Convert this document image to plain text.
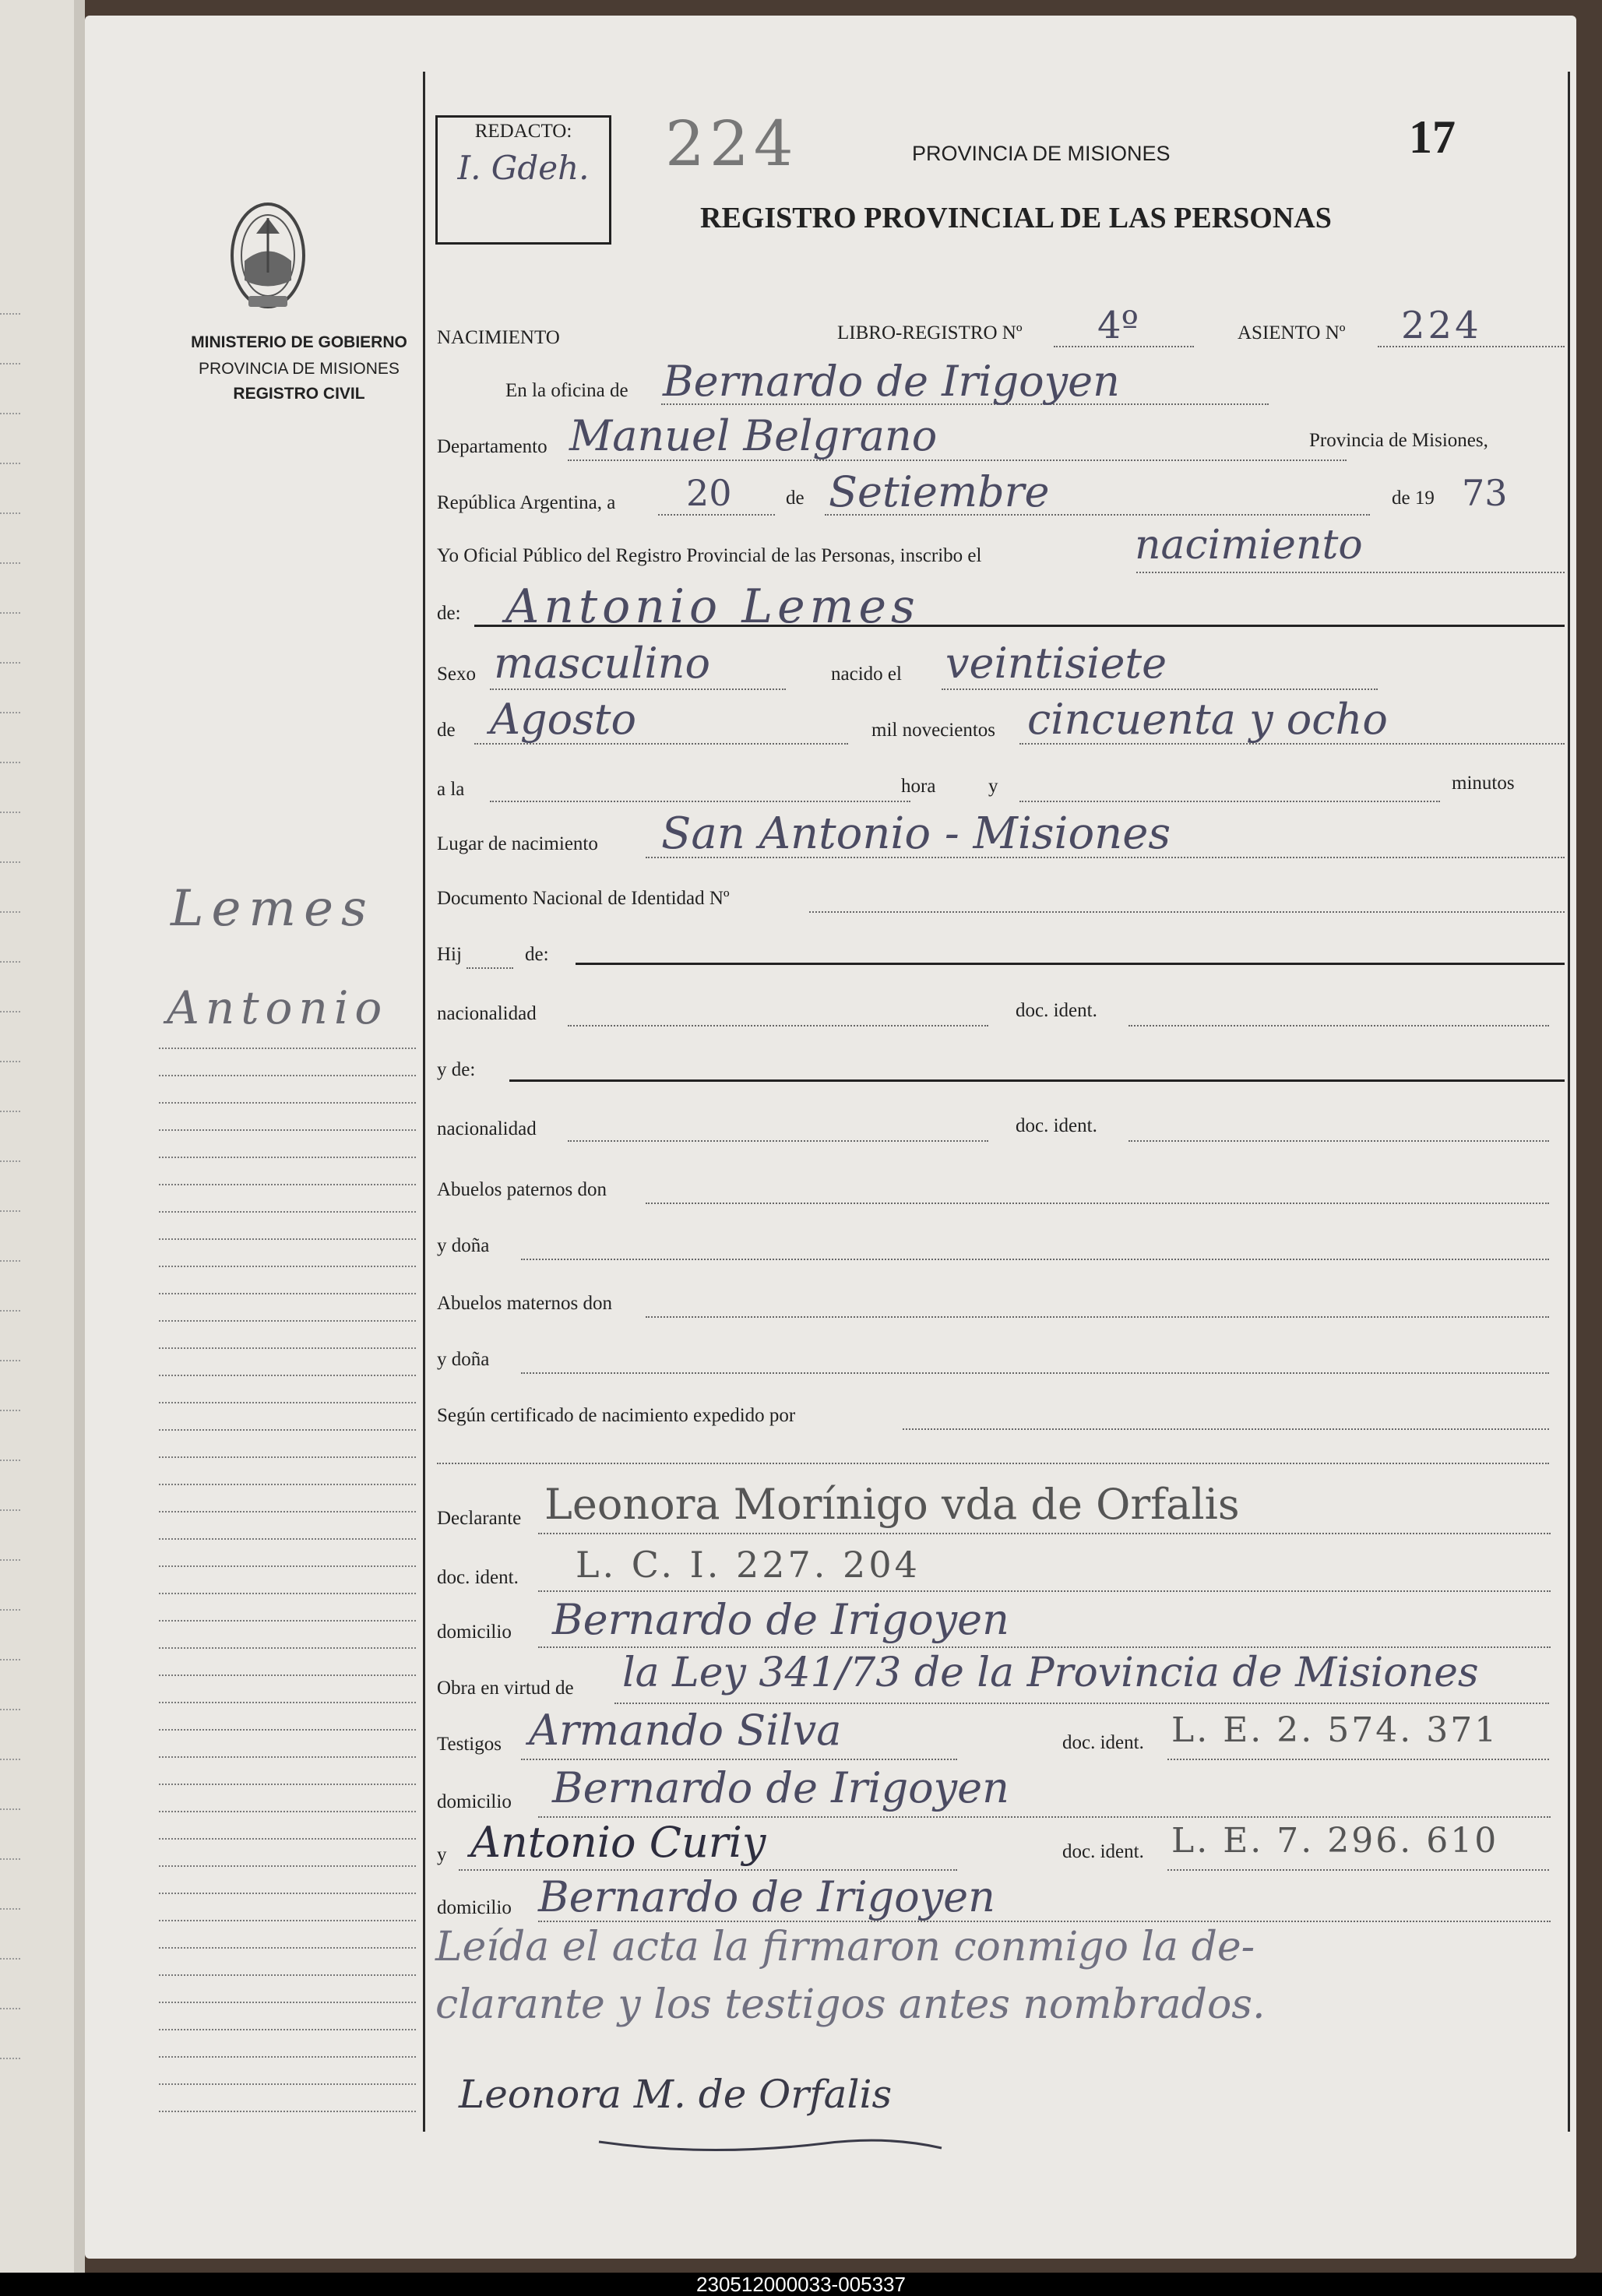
MINISTERIO DE GOBIERNO
PROVINCIA DE MISIONES
REGISTRO CIVIL
Lemes
Antonio
REDACTO:
I. Gdeh.	224	PROVINCIA DE MISIONES	17
REGISTRO PROVINCIAL DE LAS PERSONAS
NACIMIENTO	LIBRO-REGISTRO Nº 4º	ASIENTO Nº 224
En la oficina de Bernardo de Irigoyen
Departamento Manuel Belgrano	Provincia de Misiones,
República Argentina, a 20	de Setiembre	de 19 73
Yo Oficial Público del Registro Provincial de las Personas, inscribo el	nacimiento
de: Antonio Lemes
Sexo masculino	nacido el veintisiete
de Agosto	mil novecientos cincuenta y ocho
a la	hora	y	minutos
Lugar de nacimiento San Antonio - Misiones
Documento Nacional de Identidad Nº
Hij	de:
nacionalidad	doc. ident.
y de:
nacionalidad	doc. ident.
Abuelos paternos don
y doña
Abuelos maternos don
y doña
Según certificado de nacimiento expedido por
Declarante Leonora Morínigo vda de Orfalis
doc. ident. L. C. I. 227. 204
domicilio Bernardo de Irigoyen
Obra en virtud de la Ley 341/73 de la Provincia de Misiones
Testigos Armando Silva	doc. ident. L. E. 2. 574. 371
domicilio Bernardo de Irigoyen
y Antonio Curiy	doc. ident. L. E. 7. 296. 610
domicilio Bernardo de Irigoyen
Leída el acta la firmaron conmigo la de-
clarante y los testigos antes nombrados.
Leonora M. de Orfalis
230512000033-005337
